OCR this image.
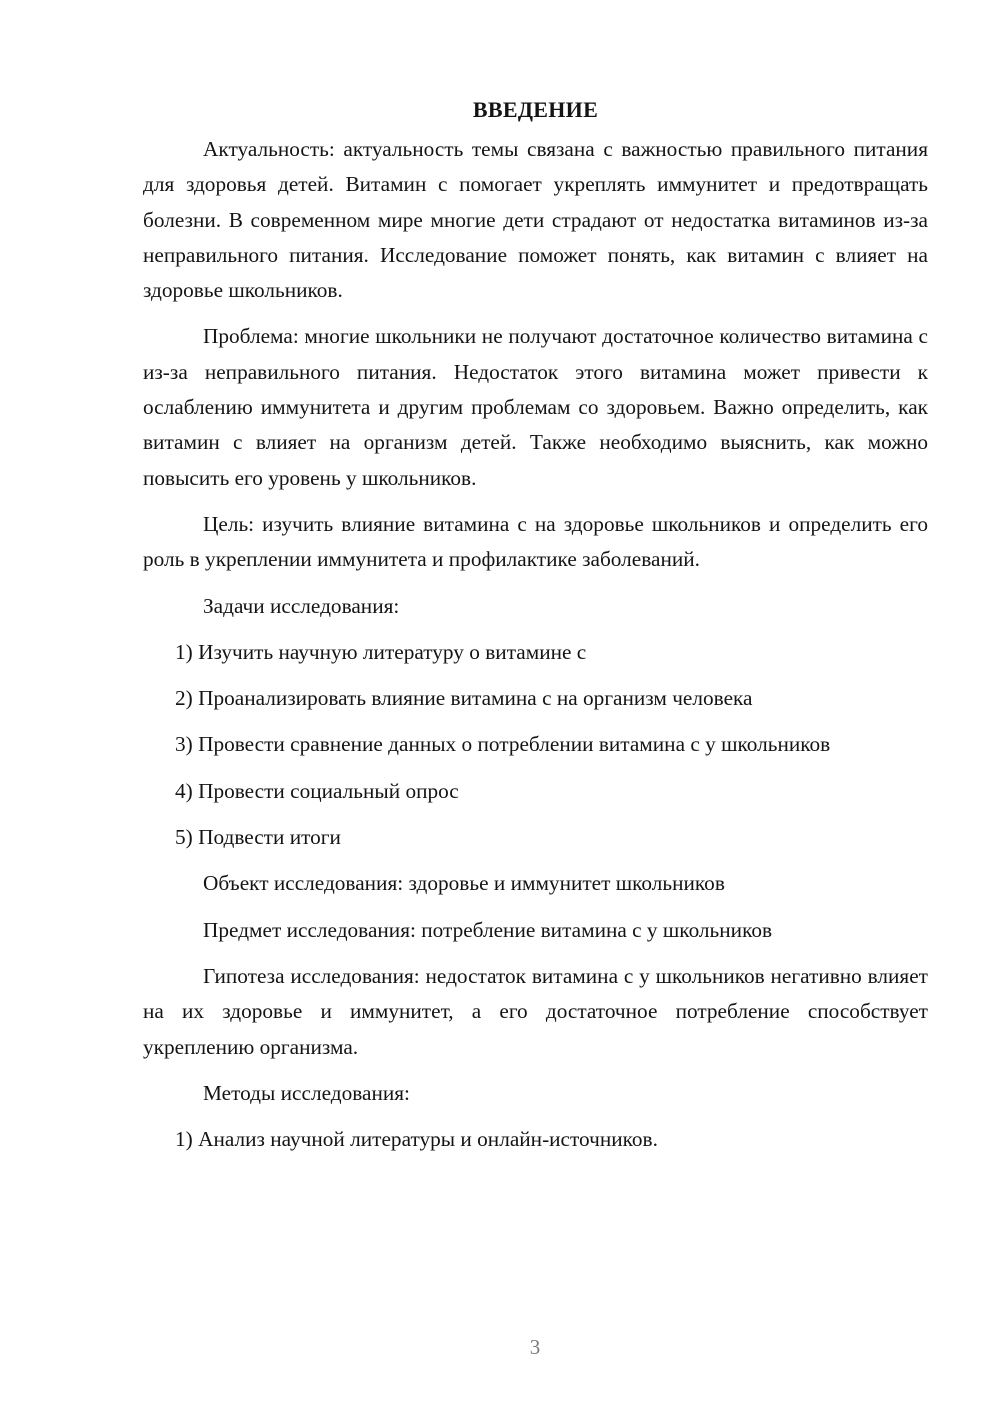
ВВЕДЕНИЕ

Актуальность: актуальность темы связана с важностью правильного питания для здоровья детей. Витамин с помогает укреплять иммунитет и предотвращать болезни. В современном мире многие дети страдают от недостатка витаминов из-за неправильного питания. Исследование поможет понять, как витамин с влияет на здоровье школьников.

Проблема: многие школьники не получают достаточное количество витамина с из-за неправильного питания. Недостаток этого витамина может привести к ослаблению иммунитета и другим проблемам со здоровьем. Важно определить, как витамин с влияет на организм детей. Также необходимо выяснить, как можно повысить его уровень у школьников.

Цель: изучить влияние витамина с на здоровье школьников и определить его роль в укреплении иммунитета и профилактике заболеваний.

Задачи исследования:

1) Изучить научную литературу о витамине с

2) Проанализировать влияние витамина с на организм человека

3) Провести сравнение данных о потреблении витамина с у школьников

4) Провести социальный опрос

5) Подвести итоги

Объект исследования: здоровье и иммунитет школьников

Предмет исследования: потребление витамина с у школьников

Гипотеза исследования: недостаток витамина с у школьников негативно влияет на их здоровье и иммунитет, а его достаточное потребление способствует укреплению организма.

Методы исследования:

1) Анализ научной литературы и онлайн-источников.

3
